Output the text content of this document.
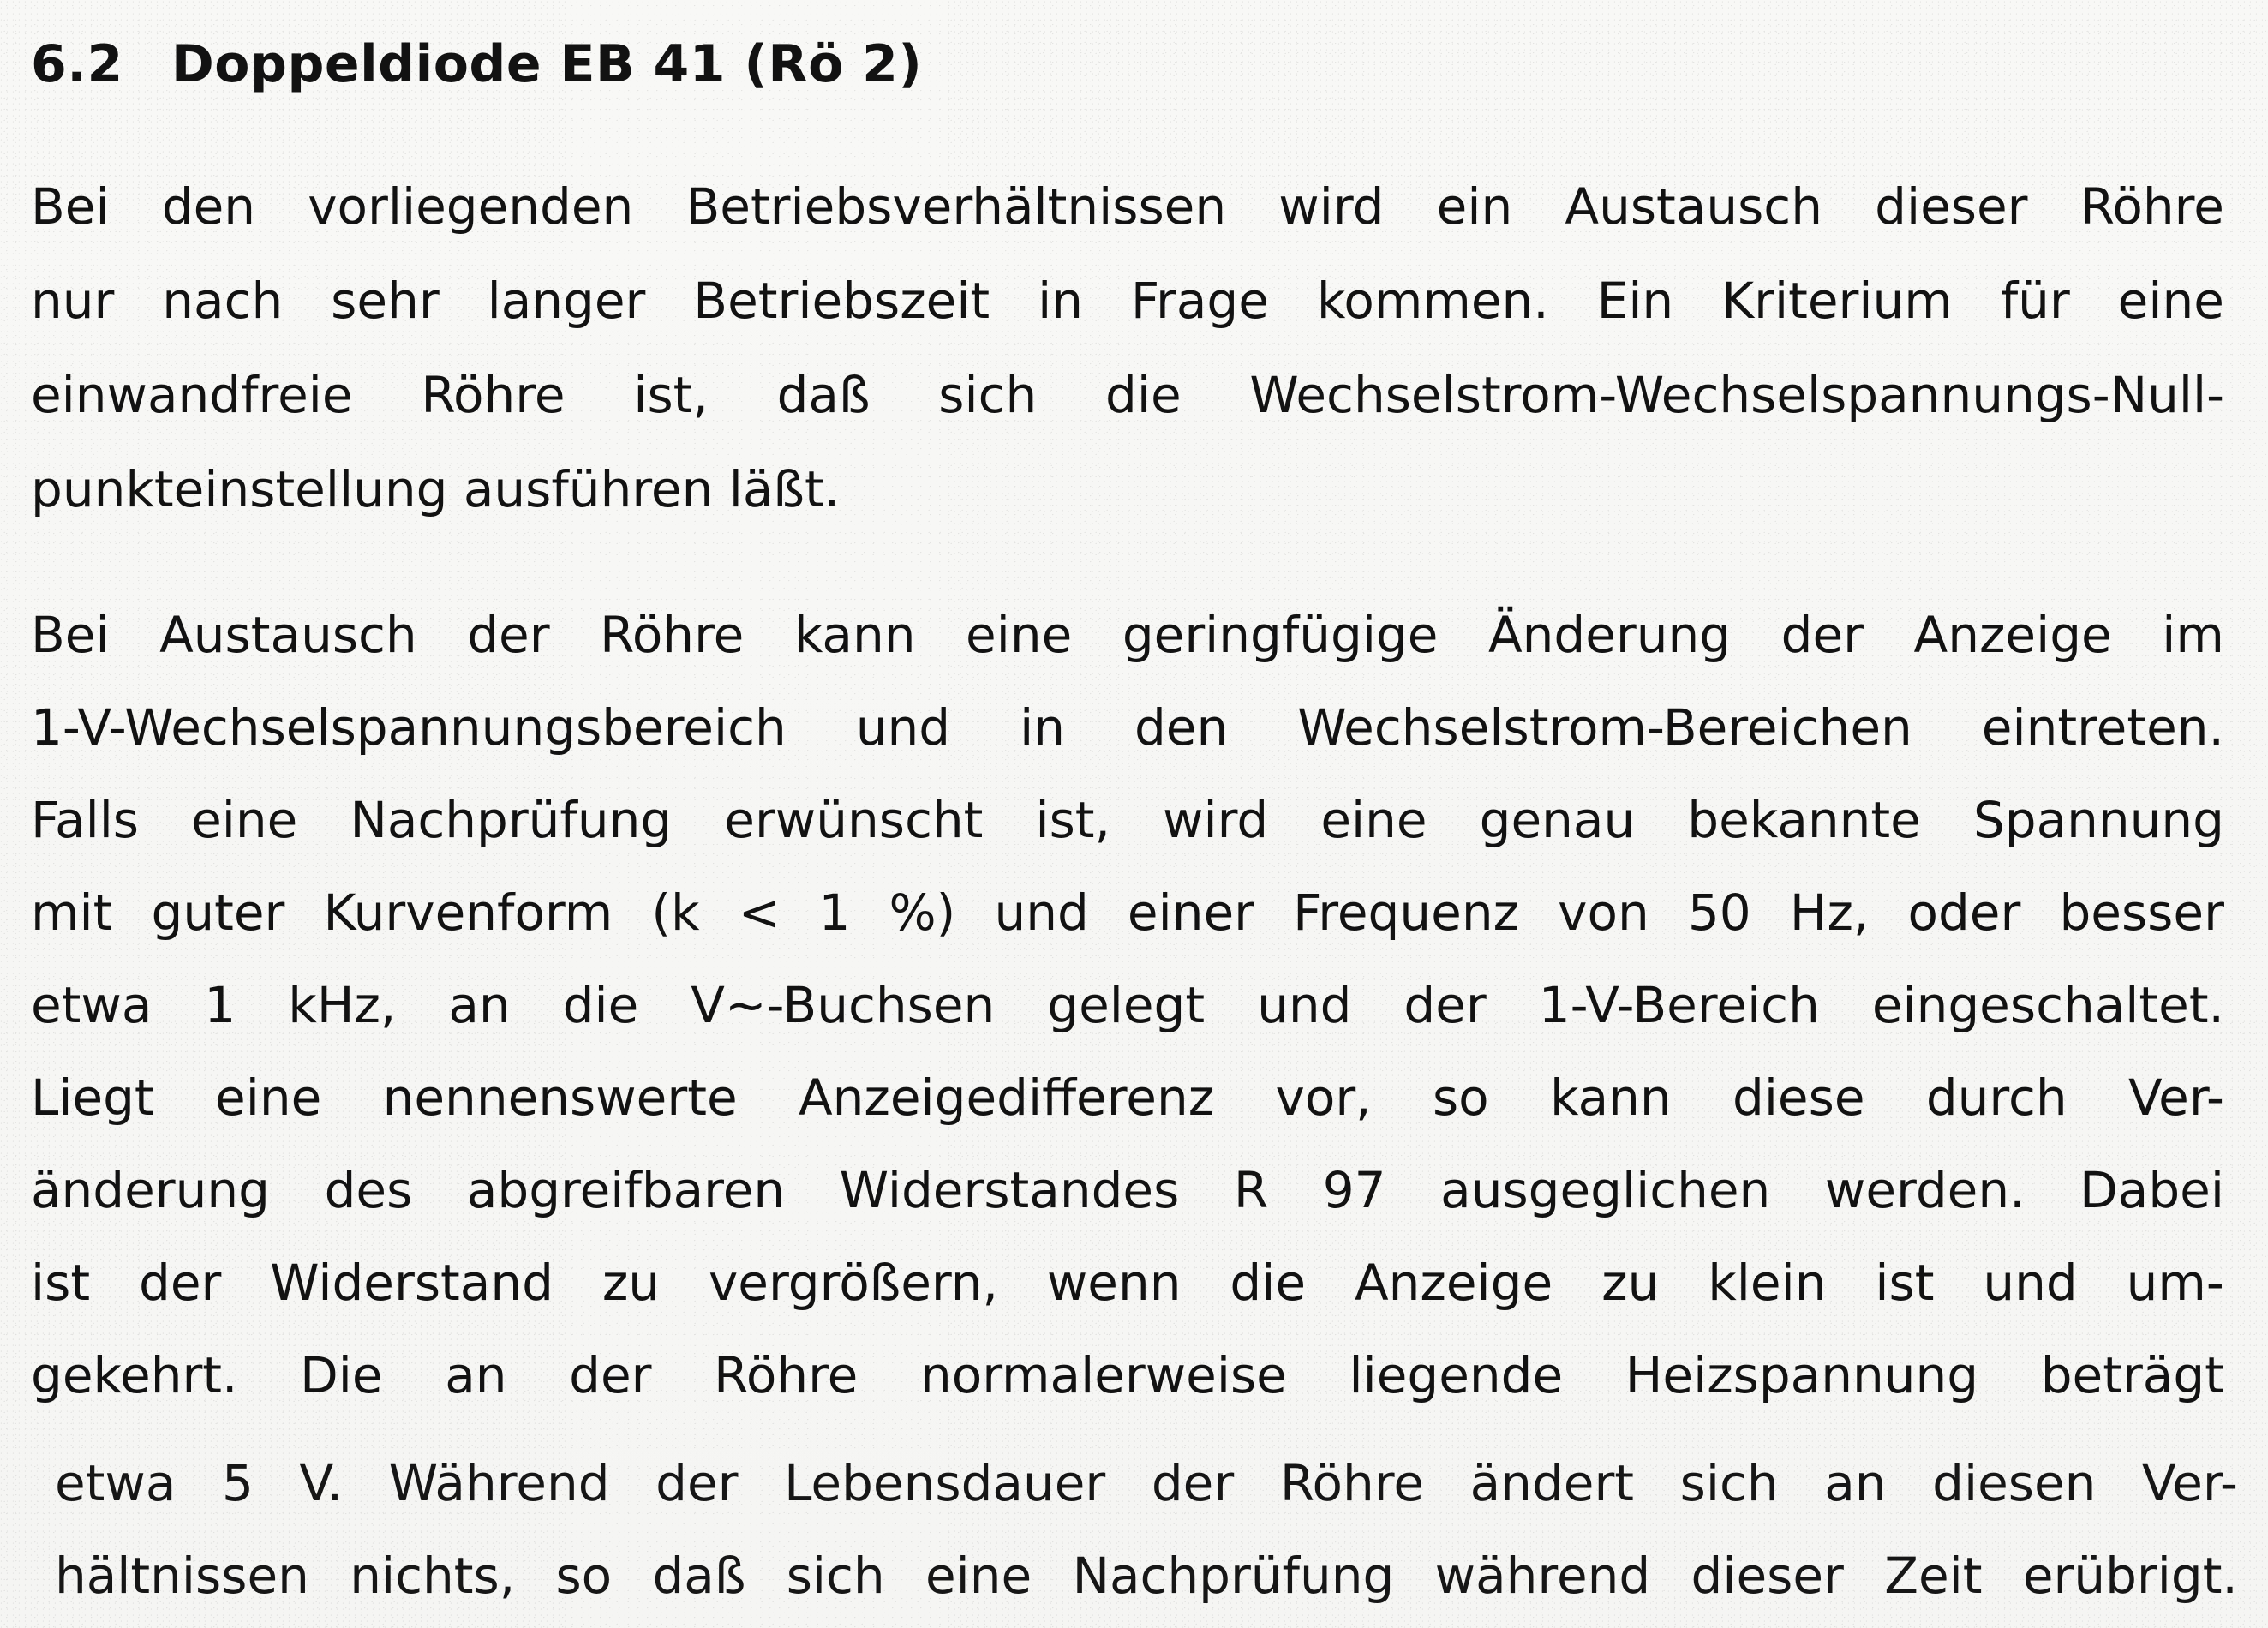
6.2 Doppeldiode EB 41 (Rö 2)

Bei den vorliegenden Betriebsverhältnissen wird ein Austausch dieser Röhre

nur nach sehr langer Betriebszeit in Frage kommen. Ein Kriterium für eine

einwandfreie Röhre ist, daß sich die Wechselstrom-Wechselspannungs-Null-

punkteinstellung ausführen läßt.

Bei Austausch der Röhre kann eine geringfügige Änderung der Anzeige im

1-V-Wechselspannungsbereich und in den Wechselstrom-Bereichen eintreten.

Falls eine Nachprüfung erwünscht ist, wird eine genau bekannte Spannung

mit guter Kurvenform (k < 1 %) und einer Frequenz von 50 Hz, oder besser

etwa 1 kHz, an die V~-Buchsen gelegt und der 1-V-Bereich eingeschaltet.

Liegt eine nennenswerte Anzeigedifferenz vor, so kann diese durch Ver-

änderung des abgreifbaren Widerstandes R 97 ausgeglichen werden. Dabei

ist der Widerstand zu vergrößern, wenn die Anzeige zu klein ist und um-

gekehrt. Die an der Röhre normalerweise liegende Heizspannung beträgt

etwa 5 V. Während der Lebensdauer der Röhre ändert sich an diesen Ver-

hältnissen nichts, so daß sich eine Nachprüfung während dieser Zeit erübrigt.
